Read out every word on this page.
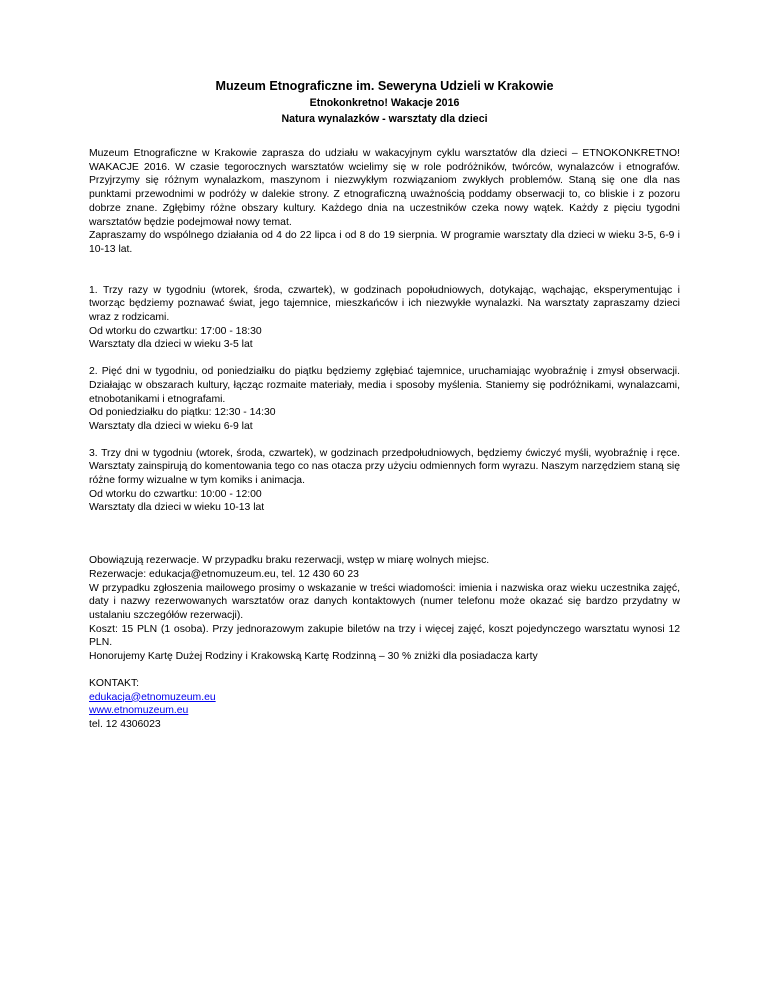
Muzeum Etnograficzne im. Seweryna Udzieli w Krakowie

Etnokonkretno! Wakacje 2016

Natura wynalazków - warsztaty dla dzieci

Muzeum Etnograficzne w Krakowie zaprasza do udziału w wakacyjnym cyklu warsztatów dla dzieci – ETNOKONKRETNO! WAKACJE 2016. W czasie tegorocznych warsztatów wcielimy się w role podróżników, twórców, wynalazców i etnografów. Przyjrzymy się różnym wynalazkom, maszynom i niezwykłym rozwiązaniom zwykłych problemów. Staną się one dla nas punktami przewodnimi w podróży w dalekie strony. Z etnograficzną uważnością poddamy obserwacji to, co bliskie i z pozoru dobrze znane. Zgłębimy różne obszary kultury. Każdego dnia na uczestników czeka nowy wątek. Każdy z pięciu tygodni warsztatów będzie podejmował nowy temat.

Zapraszamy do wspólnego działania od 4 do 22 lipca i od 8 do 19 sierpnia. W programie warsztaty dla dzieci w wieku 3-5, 6-9 i 10-13 lat.

1. Trzy razy w tygodniu (wtorek, środa, czwartek), w godzinach popołudniowych, dotykając, wąchając, eksperymentując i tworząc będziemy poznawać świat, jego tajemnice, mieszkańców i ich niezwykłe wynalazki. Na warsztaty zapraszamy dzieci wraz z rodzicami.

Od wtorku do czwartku: 17:00 - 18:30
Warsztaty dla dzieci w wieku 3-5 lat

2. Pięć dni w tygodniu, od poniedziałku do piątku będziemy zgłębiać tajemnice, uruchamiając wyobraźnię i zmysł obserwacji. Działając w obszarach kultury, łącząc rozmaite materiały, media i sposoby myślenia. Staniemy się podróżnikami, wynalazcami, etnobotanikami i etnografami.

Od poniedziałku do piątku: 12:30 - 14:30
Warsztaty dla dzieci w wieku 6-9 lat

3. Trzy dni w tygodniu (wtorek, środa, czwartek), w godzinach przedpołudniowych, będziemy ćwiczyć myśli, wyobraźnię i ręce. Warsztaty zainspirują do komentowania tego co nas otacza przy użyciu odmiennych form wyrazu. Naszym narzędziem staną się różne formy wizualne w tym komiks i animacja.

Od wtorku do czwartku: 10:00 - 12:00
Warsztaty dla dzieci w wieku 10-13 lat
Obowiązują rezerwacje. W przypadku braku rezerwacji, wstęp w miarę wolnych miejsc.
Rezerwacje: edukacja@etnomuzeum.eu, tel. 12 430 60 23

W przypadku zgłoszenia mailowego prosimy o wskazanie w treści wiadomości: imienia i nazwiska oraz wieku uczestnika zajęć, daty i nazwy rezerwowanych warsztatów oraz danych kontaktowych (numer telefonu może okazać się bardzo przydatny w ustalaniu szczegółów rezerwacji).

Koszt: 15 PLN (1 osoba). Przy jednorazowym zakupie biletów na trzy i więcej zajęć, koszt pojedynczego warsztatu wynosi 12 PLN.

Honorujemy Kartę Dużej Rodziny i Krakowską Kartę Rodzinną – 30 % zniżki dla posiadacza karty
KONTAKT:
edukacja@etnomuzeum.eu
www.etnomuzeum.eu
tel. 12 4306023
